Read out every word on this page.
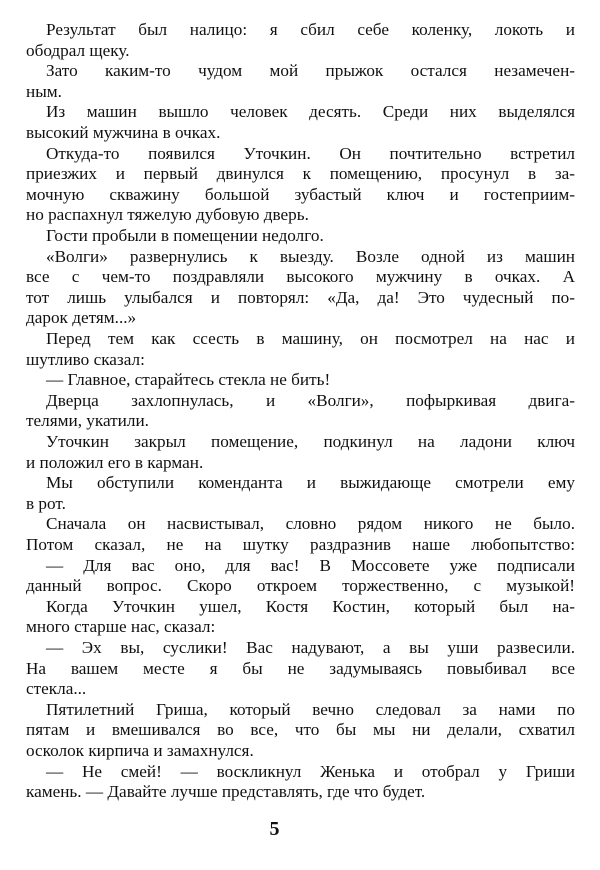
Результат был налицо: я сбил себе коленку, локоть и
ободрал щеку.
Зато каким-то чудом мой прыжок остался незамечен-
ным.
Из машин вышло человек десять. Среди них выделялся
высокий мужчина в очках.
Откуда-то появился Уточкин. Он почтительно встретил
приезжих и первый двинулся к помещению, просунул в за-
мочную скважину большой зубастый ключ и гостеприим-
но распахнул тяжелую дубовую дверь.
Гости пробыли в помещении недолго.
«Волги» развернулись к выезду. Возле одной из машин
все с чем-то поздравляли высокого мужчину в очках. А
тот лишь улыбался и повторял: «Да, да! Это чудесный по-
дарок детям...»
Перед тем как ссесть в машину, он посмотрел на нас и
шутливо сказал:
— Главное, старайтесь стекла не бить!
Дверца захлопнулась, и «Волги», пофыркивая двига-
телями, укатили.
Уточкин закрыл помещение, подкинул на ладони ключ
и положил его в карман.
Мы обступили коменданта и выжидающе смотрели ему
в рот.
Сначала он насвистывал, словно рядом никого не было.
Потом сказал, не на шутку раздразнив наше любопытство:
— Для вас оно, для вас! В Моссовете уже подписали
данный вопрос. Скоро откроем торжественно, с музыкой!
Когда Уточкин ушел, Костя Костин, который был на-
много старше нас, сказал:
— Эх вы, суслики! Вас надувают, а вы уши развесили.
На вашем месте я бы не задумываясь повыбивал все
стекла...
Пятилетний Гриша, который вечно следовал за нами по
пятам и вмешивался во все, что бы мы ни делали, схватил
осколок кирпича и замахнулся.
— Не смей! — воскликнул Женька и отобрал у Гриши
камень. — Давайте лучше представлять, где что будет.
5
